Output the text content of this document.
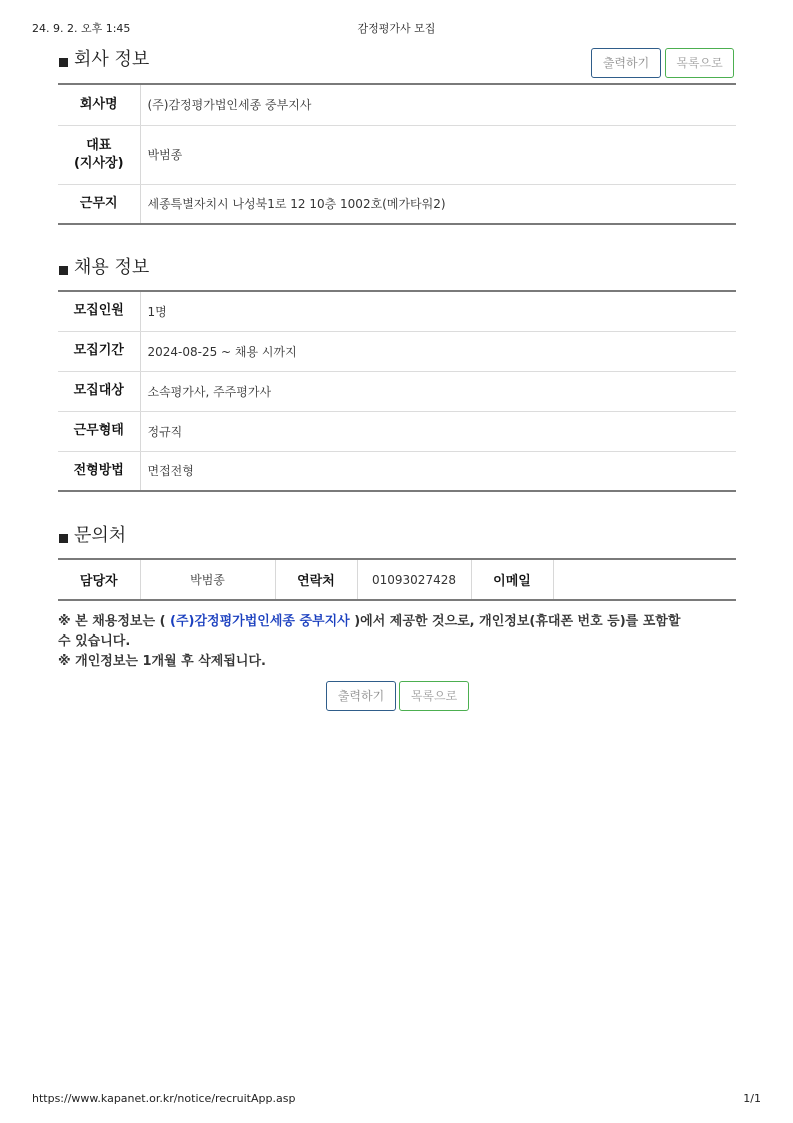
24. 9. 2. 오후 1:45	감정평가사 모집
회사 정보	출력하기	목록으로
회사명	(주)감정평가법인세종 중부지사

대표
(지사장)	박범종
근무지	세종특별자치시 나성북1로 12 10층 1002호(메가타워2)
채용 정보
모집인원	1명
모집기간	2024-08-25 ~ 채용 시까지
모집대상	소속평가사, 주주평가사
근무형태	정규직
전형방법	면접전형
문의처
담당자	박범종	연락처	01093027428	이메일	
※ 본 채용정보는 ( (주)감정평가법인세종 중부지사 )에서 제공한 것으로, 개인정보(휴대폰 번호 등)를 포함할
수 있습니다.
※ 개인정보는 1개월 후 삭제됩니다.
출력하기	목록으로
https://www.kapanet.or.kr/notice/recruitApp.asp	1/1
